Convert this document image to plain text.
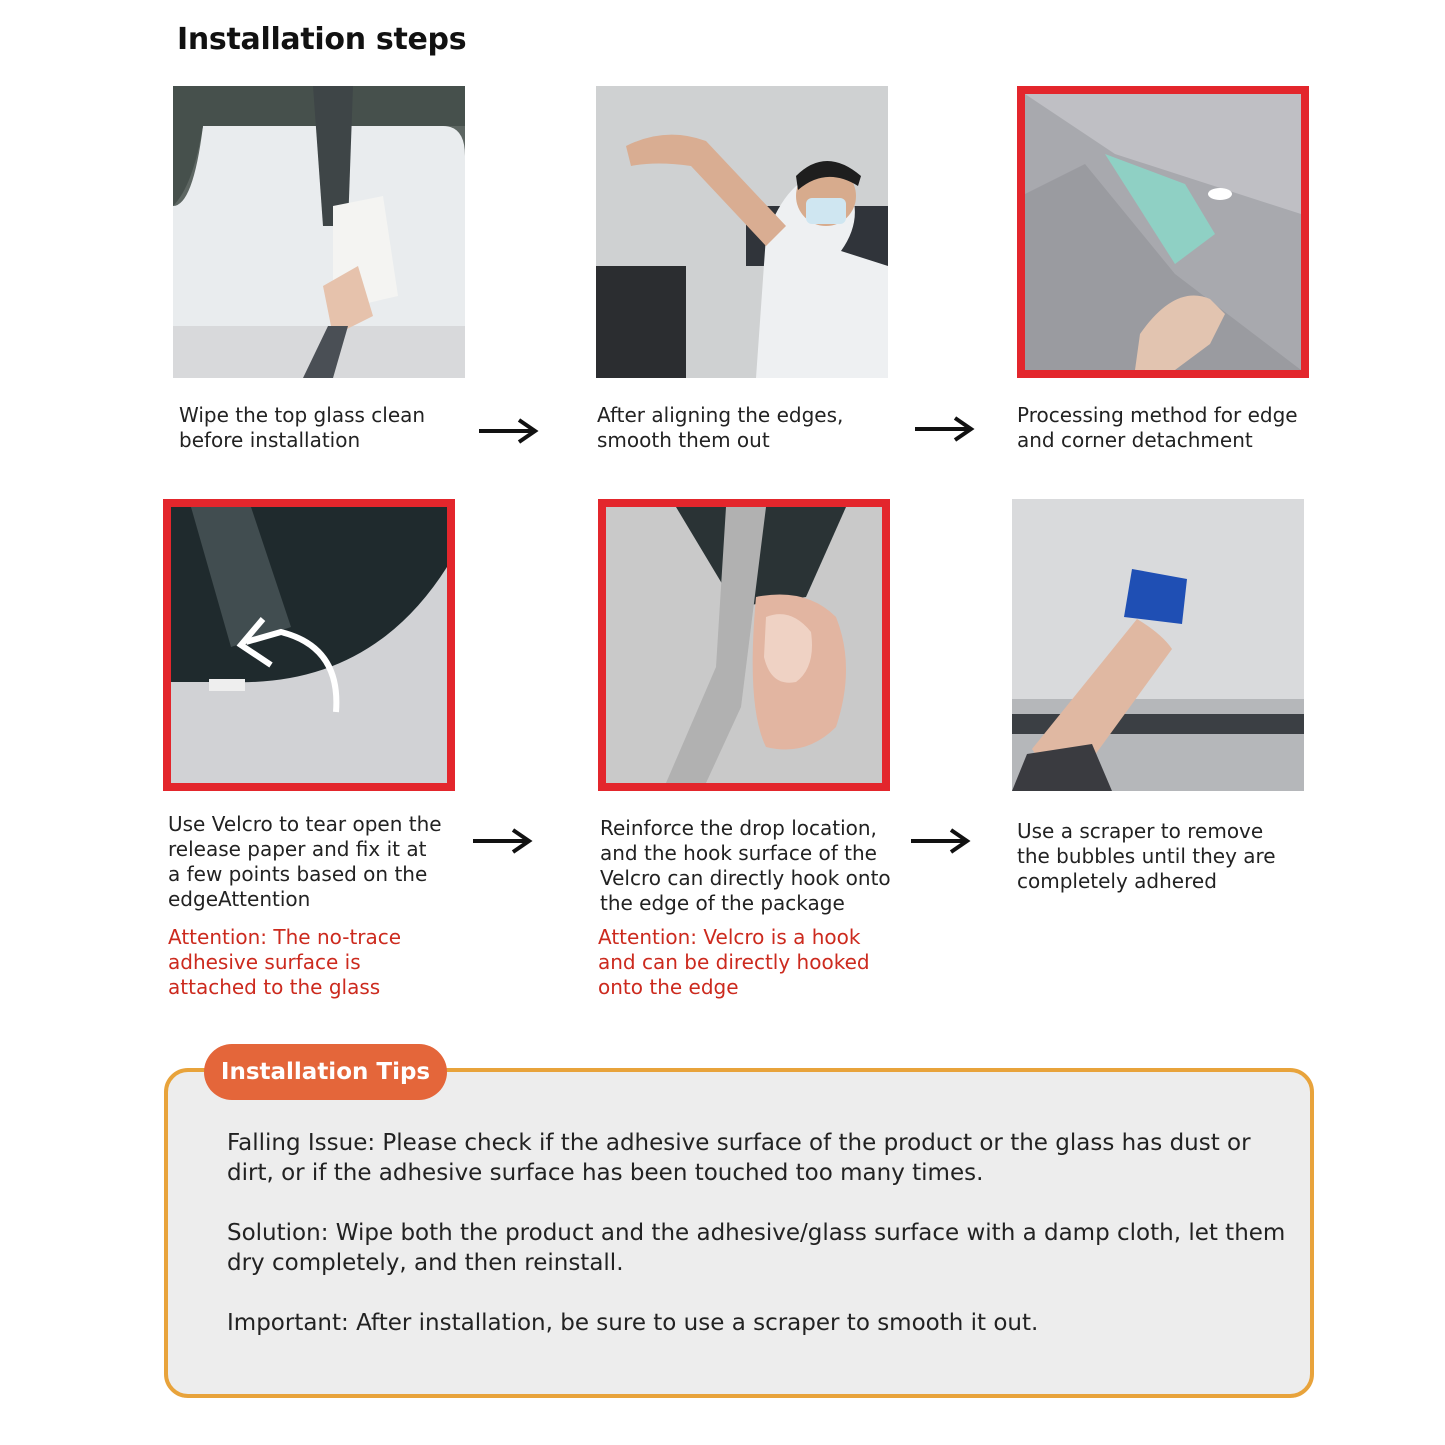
Installation steps
Wipe the top glass clean before installation
After aligning the edges, smooth them out
Processing method for edge and corner detachment
Use Velcro to tear open the release paper and fix it at a few points based on the edgeAttention
Attention: The no-trace adhesive surface is attached to the glass
Reinforce the drop location, and the hook surface of the Velcro can directly hook onto the edge of the package
Attention: Velcro is a hook and can be directly hooked onto the edge
Use a scraper to remove the bubbles until they are completely adhered
Installation Tips
Falling Issue: Please check if the adhesive surface of the product or the glass has dust or dirt, or if the adhesive surface has been touched too many times.
Solution: Wipe both the product and the adhesive/glass surface with a damp cloth, let them dry completely, and then reinstall.
Important: After installation, be sure to use a scraper to smooth it out.
